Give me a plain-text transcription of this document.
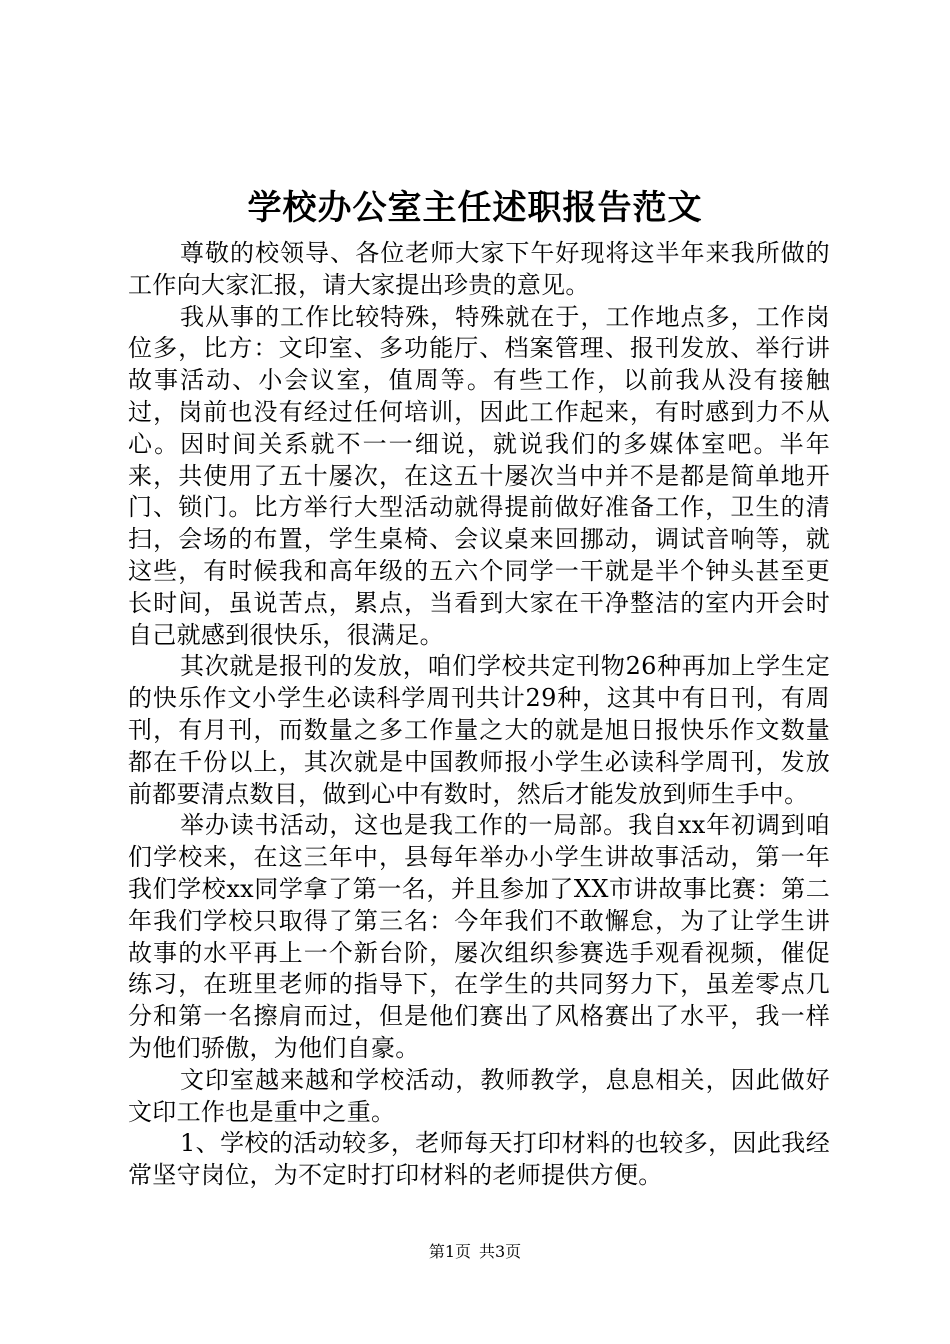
学校办公室主任述职报告范文

尊敬的校领导、各位老师大家下午好现将这半年来我所做的工作向大家汇报，请大家提出珍贵的意见。

我从事的工作比较特殊，特殊就在于，工作地点多，工作岗位多，比方：文印室、多功能厅、档案管理、报刊发放、举行讲故事活动、小会议室，值周等。有些工作，以前我从没有接触过，岗前也没有经过任何培训，因此工作起来，有时感到力不从心。因时间关系就不一一细说，就说我们的多媒体室吧。半年来，共使用了五十屡次，在这五十屡次当中并不是都是简单地开门、锁门。比方举行大型活动就得提前做好准备工作，卫生的清扫，会场的布置，学生桌椅、会议桌来回挪动，调试音响等，就这些，有时候我和高年级的五六个同学一干就是半个钟头甚至更长时间，虽说苦点，累点，当看到大家在干净整洁的室内开会时自己就感到很快乐，很满足。

其次就是报刊的发放，咱们学校共定刊物26种再加上学生定的快乐作文小学生必读科学周刊共计29种，这其中有日刊，有周刊，有月刊，而数量之多工作量之大的就是旭日报快乐作文数量都在千份以上，其次就是中国教师报小学生必读科学周刊，发放前都要清点数目，做到心中有数时，然后才能发放到师生手中。

举办读书活动，这也是我工作的一局部。我自xx年初调到咱们学校来，在这三年中，县每年举办小学生讲故事活动，第一年我们学校xx同学拿了第一名，并且参加了XX市讲故事比赛：第二年我们学校只取得了第三名：今年我们不敢懈怠，为了让学生讲故事的水平再上一个新台阶，屡次组织参赛选手观看视频，催促练习，在班里老师的指导下，在学生的共同努力下，虽差零点几分和第一名擦肩而过，但是他们赛出了风格赛出了水平，我一样为他们骄傲，为他们自豪。

文印室越来越和学校活动，教师教学，息息相关，因此做好文印工作也是重中之重。

1、学校的活动较多，老师每天打印材料的也较多，因此我经常坚守岗位，为不定时打印材料的老师提供方便。

第1页 共3页
